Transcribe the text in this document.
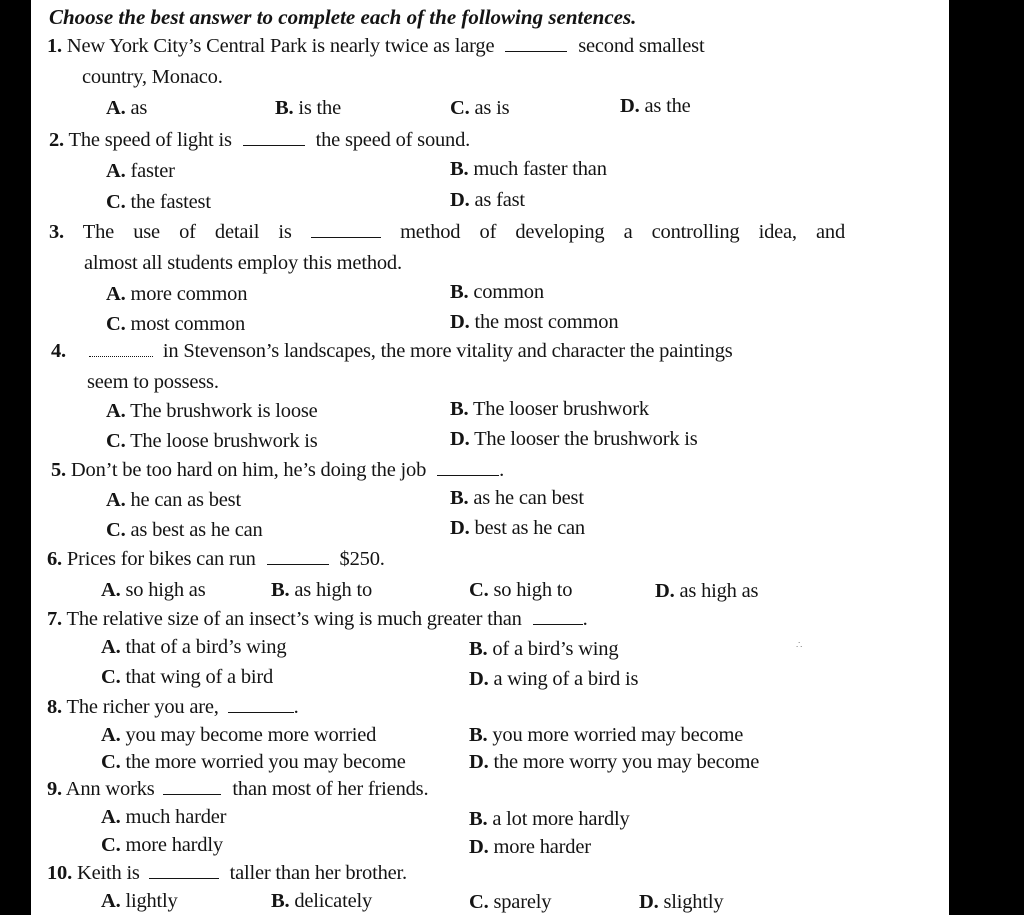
Choose the best answer to complete each of the following sentences.
1. New York City’s Central Park is nearly twice as large	second smallest
country, Monaco.
A. as	B. is the	C. as is	D. as the
2. The speed of light is	the speed of sound.
A. faster	B. much faster than
C. the fastest	D. as fast
3. The use of detail is	method of developing a controlling idea, and
almost all students employ this method.
A. more common	B. common
C. most common	D. the most common
4.	in Stevenson’s landscapes, the more vitality and character the paintings
seem to possess.
A. The brushwork is loose	B. The looser brushwork
C. The loose brushwork is	D. The looser the brushwork is
5. Don’t be too hard on him, he’s doing the job	.
A. he can as best	B. as he can best
C. as best as he can	D. best as he can
6. Prices for bikes can run	$250.
A. so high as	B. as high to	C. so high to	D. as high as
7. The relative size of an insect’s wing is much greater than	.
A. that of a bird’s wing	B. of a bird’s wing
C. that wing of a bird	D. a wing of a bird is
8. The richer you are,	.
A. you may become more worried	B. you more worried may become
C. the more worried you may become	D. the more worry you may become
9. Ann works	than most of her friends.
A. much harder	B. a lot more hardly
C. more hardly	D. more harder
10. Keith is	taller than her brother.
A. lightly	B. delicately	C. sparely	D. slightly
∴
